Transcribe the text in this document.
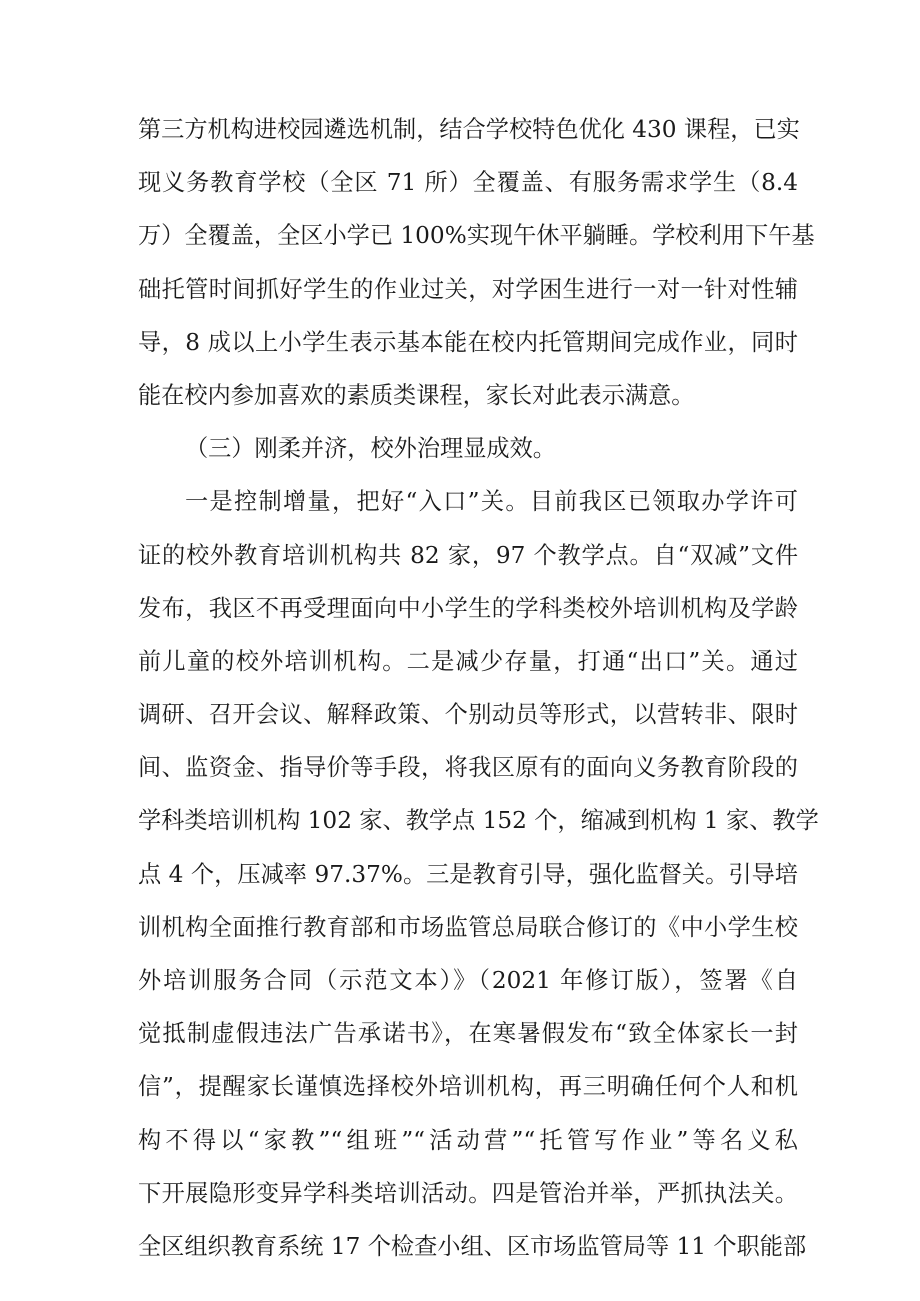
第三方机构进校园遴选机制，结合学校特色优化 430 课程，已实
现义务教育学校（全区 71 所）全覆盖、有服务需求学生（8.4
万）全覆盖，全区小学已 100%实现午休平躺睡。学校利用下午基
础托管时间抓好学生的作业过关，对学困生进行一对一针对性辅
导，8 成以上小学生表示基本能在校内托管期间完成作业，同时
能在校内参加喜欢的素质类课程，家长对此表示满意。
（三）刚柔并济，校外治理显成效。
一是控制增量，把好“入口”关。目前我区已领取办学许可
证的校外教育培训机构共 82 家，97 个教学点。自“双减”文件
发布，我区不再受理面向中小学生的学科类校外培训机构及学龄
前儿童的校外培训机构。二是减少存量，打通“出口”关。通过
调研、召开会议、解释政策、个别动员等形式，以营转非、限时
间、监资金、指导价等手段，将我区原有的面向义务教育阶段的
学科类培训机构 102 家、教学点 152 个，缩减到机构 1 家、教学
点 4 个，压减率 97.37%。三是教育引导，强化监督关。引导培
训机构全面推行教育部和市场监管总局联合修订的《中小学生校
外培训服务合同（示范文本）》（2021 年修订版），签署《自
觉抵制虚假违法广告承诺书》，在寒暑假发布“致全体家长一封
信”，提醒家长谨慎选择校外培训机构，再三明确任何个人和机
构不得以“家教”“组班”“活动营”“托管写作业”等名义私
下开展隐形变异学科类培训活动。四是管治并举，严抓执法关。
全区组织教育系统 17 个检查小组、区市场监管局等 11 个职能部
